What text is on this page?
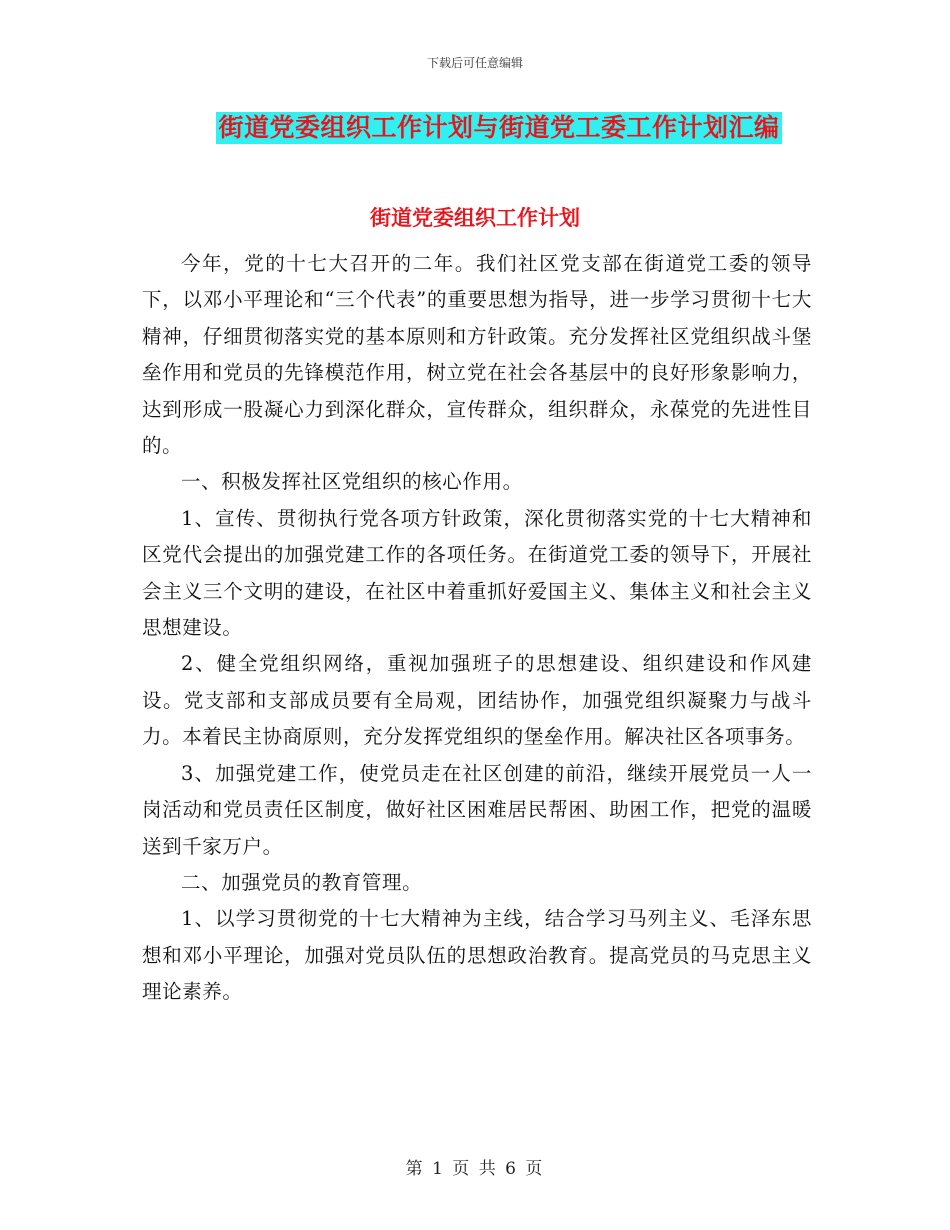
下载后可任意编辑
街道党委组织工作计划与街道党工委工作计划汇编
街道党委组织工作计划

今年，党的十七大召开的二年。我们社区党支部在街道党工委的领导下，以邓小平理论和“三个代表”的重要思想为指导，进一步学习贯彻十七大精神，仔细贯彻落实党的基本原则和方针政策。充分发挥社区党组织战斗堡垒作用和党员的先锋模范作用，树立党在社会各基层中的良好形象影响力，达到形成一股凝心力到深化群众，宣传群众，组织群众，永葆党的先进性目的。

一、积极发挥社区党组织的核心作用。

1、宣传、贯彻执行党各项方针政策，深化贯彻落实党的十七大精神和区党代会提出的加强党建工作的各项任务。在街道党工委的领导下，开展社会主义三个文明的建设，在社区中着重抓好爱国主义、集体主义和社会主义思想建设。

2、健全党组织网络，重视加强班子的思想建设、组织建设和作风建设。党支部和支部成员要有全局观，团结协作，加强党组织凝聚力与战斗力。本着民主协商原则，充分发挥党组织的堡垒作用。解决社区各项事务。

3、加强党建工作，使党员走在社区创建的前沿，继续开展党员一人一岗活动和党员责任区制度，做好社区困难居民帮困、助困工作，把党的温暖送到千家万户。

二、加强党员的教育管理。

1、以学习贯彻党的十七大精神为主线，结合学习马列主义、毛泽东思想和邓小平理论，加强对党员队伍的思想政治教育。提高党员的马克思主义理论素养。

第 1 页 共 6 页
